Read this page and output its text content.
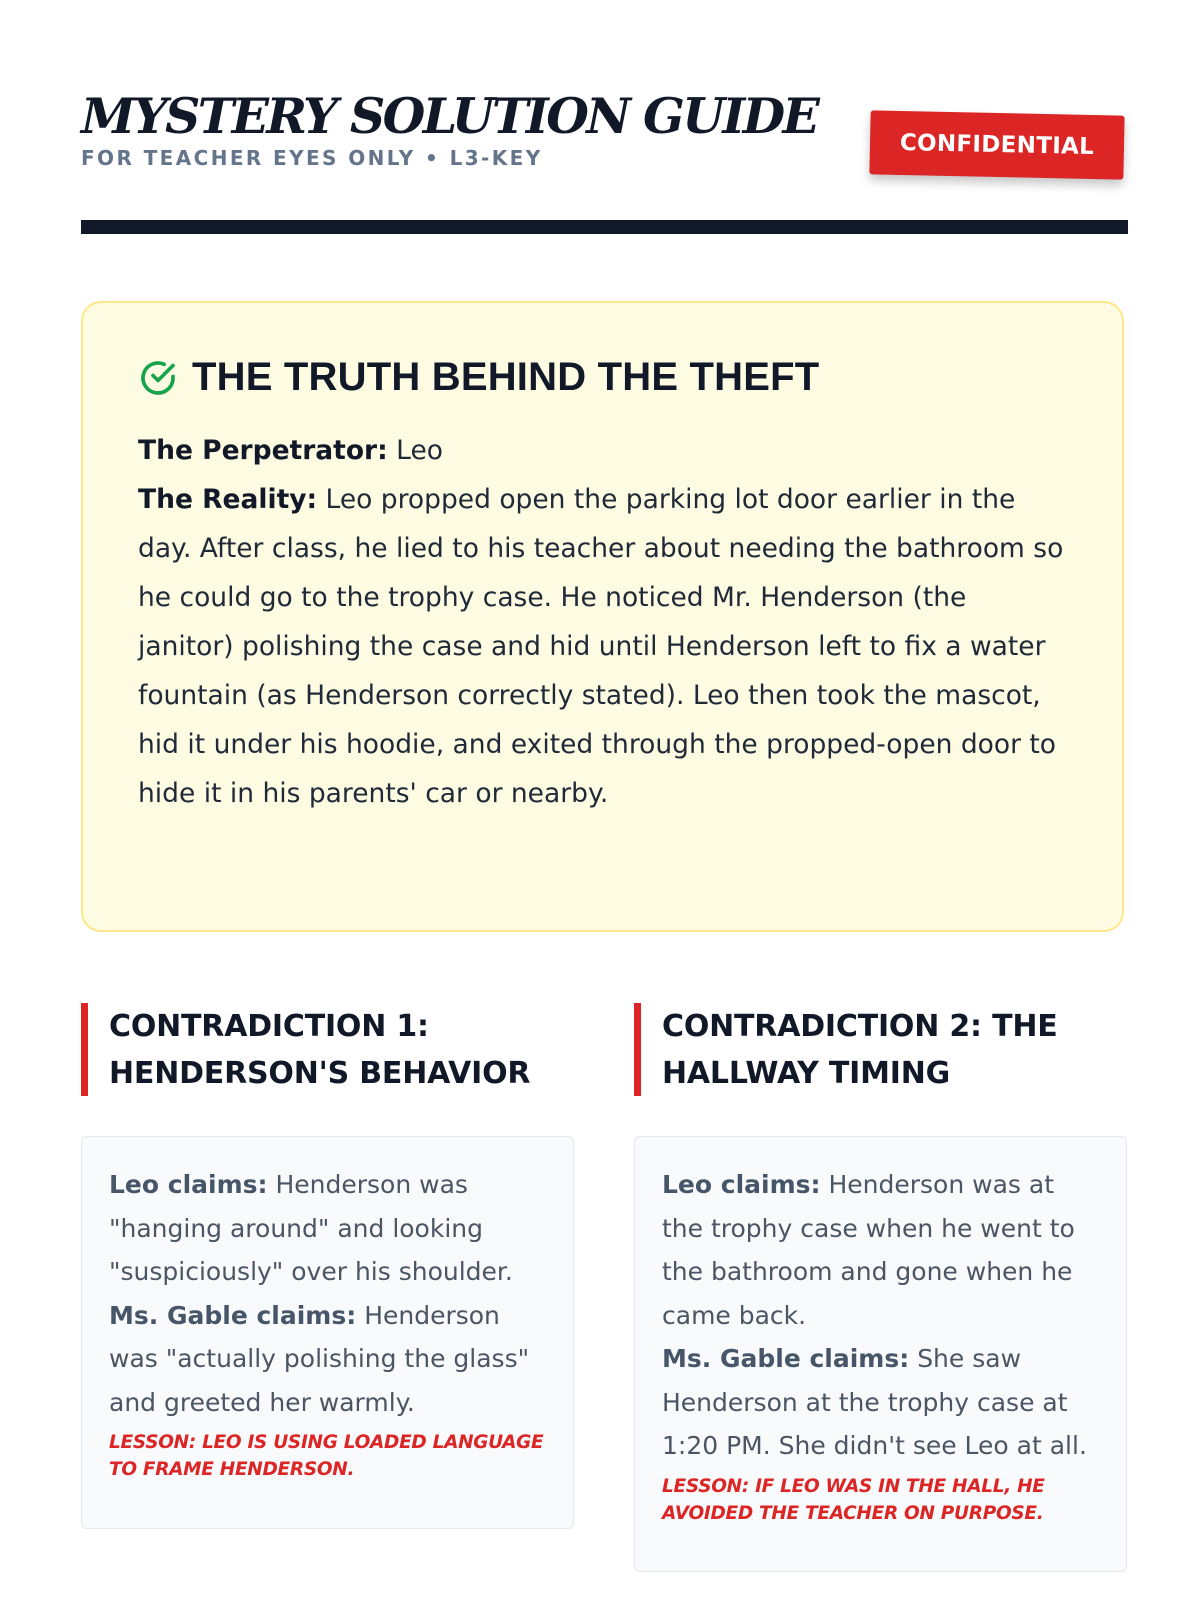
MYSTERY SOLUTION GUIDE
FOR TEACHER EYES ONLY • L3-KEY	CONFIDENTIAL
THE TRUTH BEHIND THE THEFT
The Perpetrator: Leo
The Reality: Leo propped open the parking lot door earlier in the day. After class, he lied to his teacher about needing the bathroom so he could go to the trophy case. He noticed Mr. Henderson (the janitor) polishing the case and hid until Henderson left to fix a water fountain (as Henderson correctly stated). Leo then took the mascot, hid it under his hoodie, and exited through the propped-open door to hide it in his parents' car or nearby.
CONTRADICTION 1:
HENDERSON'S BEHAVIOR
CONTRADICTION 2: THE
HALLWAY TIMING
Leo claims: Henderson was "hanging around" and looking "suspiciously" over his shoulder.
Ms. Gable claims: Henderson was "actually polishing the glass" and greeted her warmly.
LESSON: LEO IS USING LOADED LANGUAGE TO FRAME HENDERSON.
Leo claims: Henderson was at the trophy case when he went to the bathroom and gone when he came back.
Ms. Gable claims: She saw Henderson at the trophy case at 1:20 PM. She didn't see Leo at all.
LESSON: IF LEO WAS IN THE HALL, HE AVOIDED THE TEACHER ON PURPOSE.
